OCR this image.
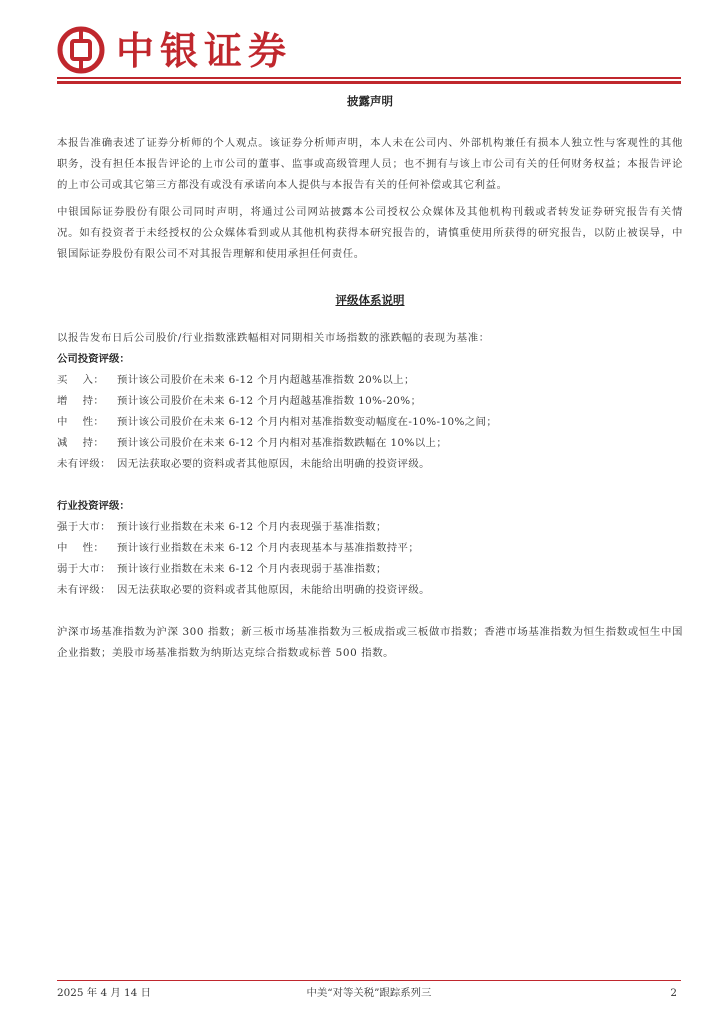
中银证券
披露声明
本报告准确表述了证券分析师的个人观点。该证券分析师声明，本人未在公司内、外部机构兼任有损本人独立性与客观性的其他职务，没有担任本报告评论的上市公司的董事、监事或高级管理人员；也不拥有与该上市公司有关的任何财务权益；本报告评论的上市公司或其它第三方都没有或没有承诺向本人提供与本报告有关的任何补偿或其它利益。
中银国际证券股份有限公司同时声明，将通过公司网站披露本公司授权公众媒体及其他机构刊载或者转发证券研究报告有关情况。如有投资者于未经授权的公众媒体看到或从其他机构获得本研究报告的，请慎重使用所获得的研究报告，以防止被误导，中银国际证券股份有限公司不对其报告理解和使用承担任何责任。
评级体系说明
以报告发布日后公司股价/行业指数涨跌幅相对同期相关市场指数的涨跌幅的表现为基准：
公司投资评级：
买    入：	预计该公司股价在未来 6-12 个月内超越基准指数 20%以上；
增    持：	预计该公司股价在未来 6-12 个月内超越基准指数 10%-20%；
中    性：	预计该公司股价在未来 6-12 个月内相对基准指数变动幅度在-10%-10%之间；
减    持：	预计该公司股价在未来 6-12 个月内相对基准指数跌幅在 10%以上；
未有评级： 因无法获取必要的资料或者其他原因，未能给出明确的投资评级。
行业投资评级：
强于大市： 预计该行业指数在未来 6-12 个月内表现强于基准指数；
中    性：	预计该行业指数在未来 6-12 个月内表现基本与基准指数持平；
弱于大市： 预计该行业指数在未来 6-12 个月内表现弱于基准指数；
未有评级： 因无法获取必要的资料或者其他原因，未能给出明确的投资评级。
沪深市场基准指数为沪深 300 指数；新三板市场基准指数为三板成指或三板做市指数；香港市场基准指数为恒生指数或恒生中国企业指数；美股市场基准指数为纳斯达克综合指数或标普 500 指数。
2025 年 4 月 14 日	中美“对等关税”跟踪系列三	2
